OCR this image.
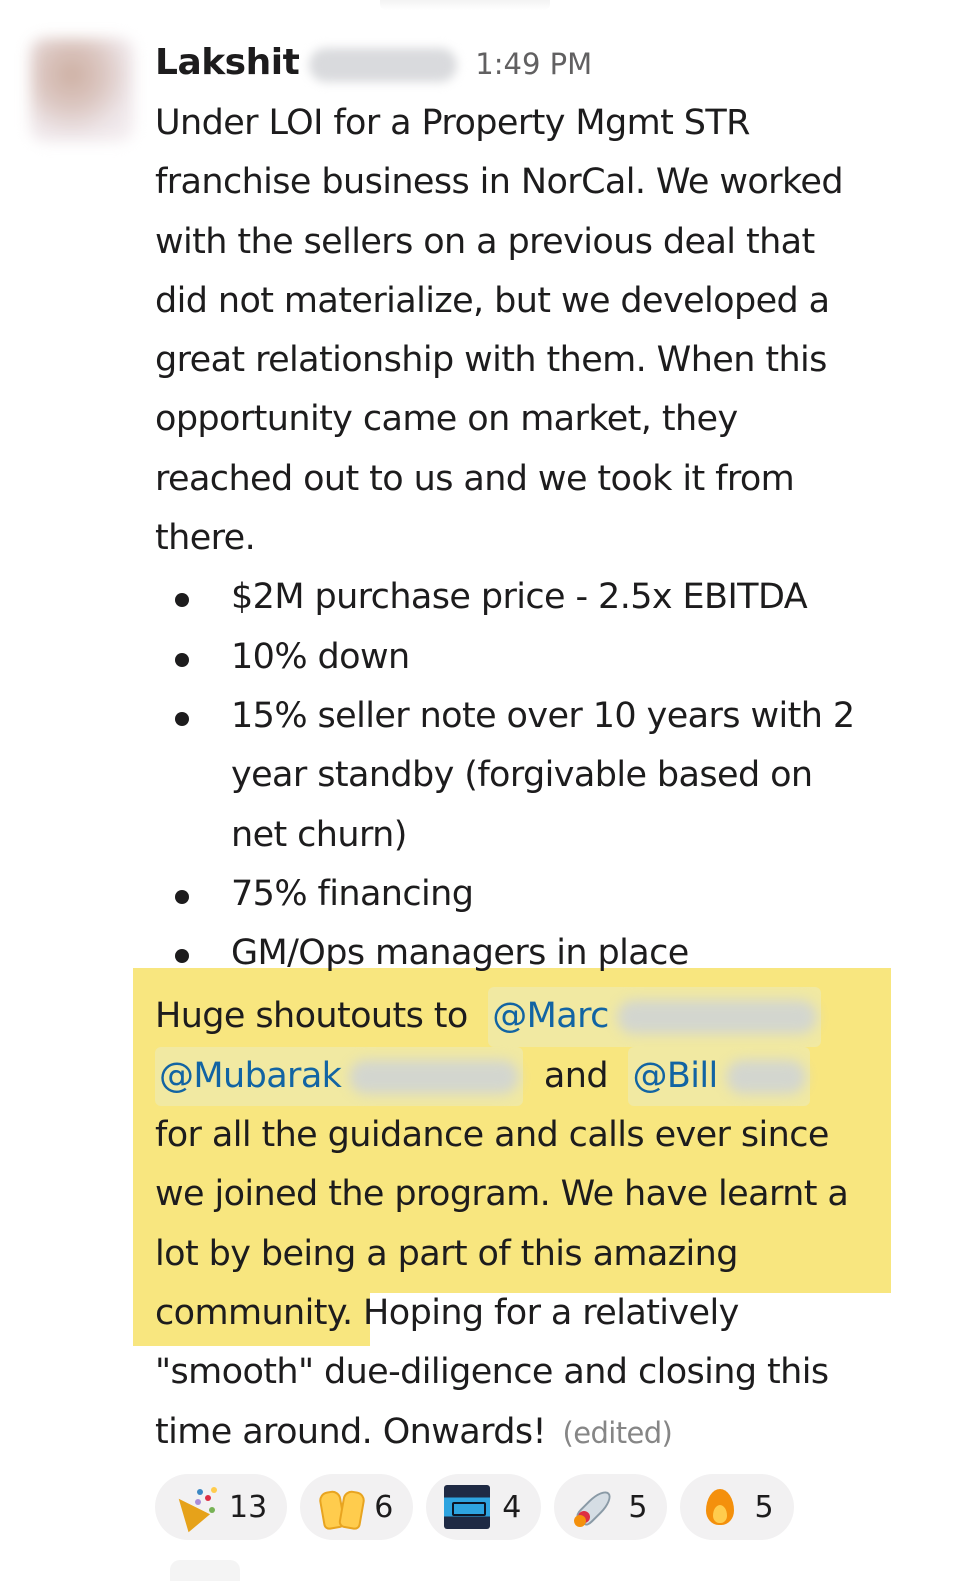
Lakshit	1:49 PM
Under LOI for a Property Mgmt STR
franchise business in NorCal. We worked
with the sellers on a previous deal that
did not materialize, but we developed a
great relationship with them. When this
opportunity came on market, they
reached out to us and we took it from
there.
$2M purchase price - 2.5x EBITDA
10% down
15% seller note over 10 years with 2
year standby (forgivable based on
net churn)
75% financing
GM/Ops managers in place
Huge shoutouts to @Marc
@Mubarak	and @Bill
for all the guidance and calls ever since
we joined the program. We have learnt a
lot by being a part of this amazing
community. Hoping for a relatively
"smooth" due-diligence and closing this
time around. Onwards! (edited)
13	6	4	5	5
